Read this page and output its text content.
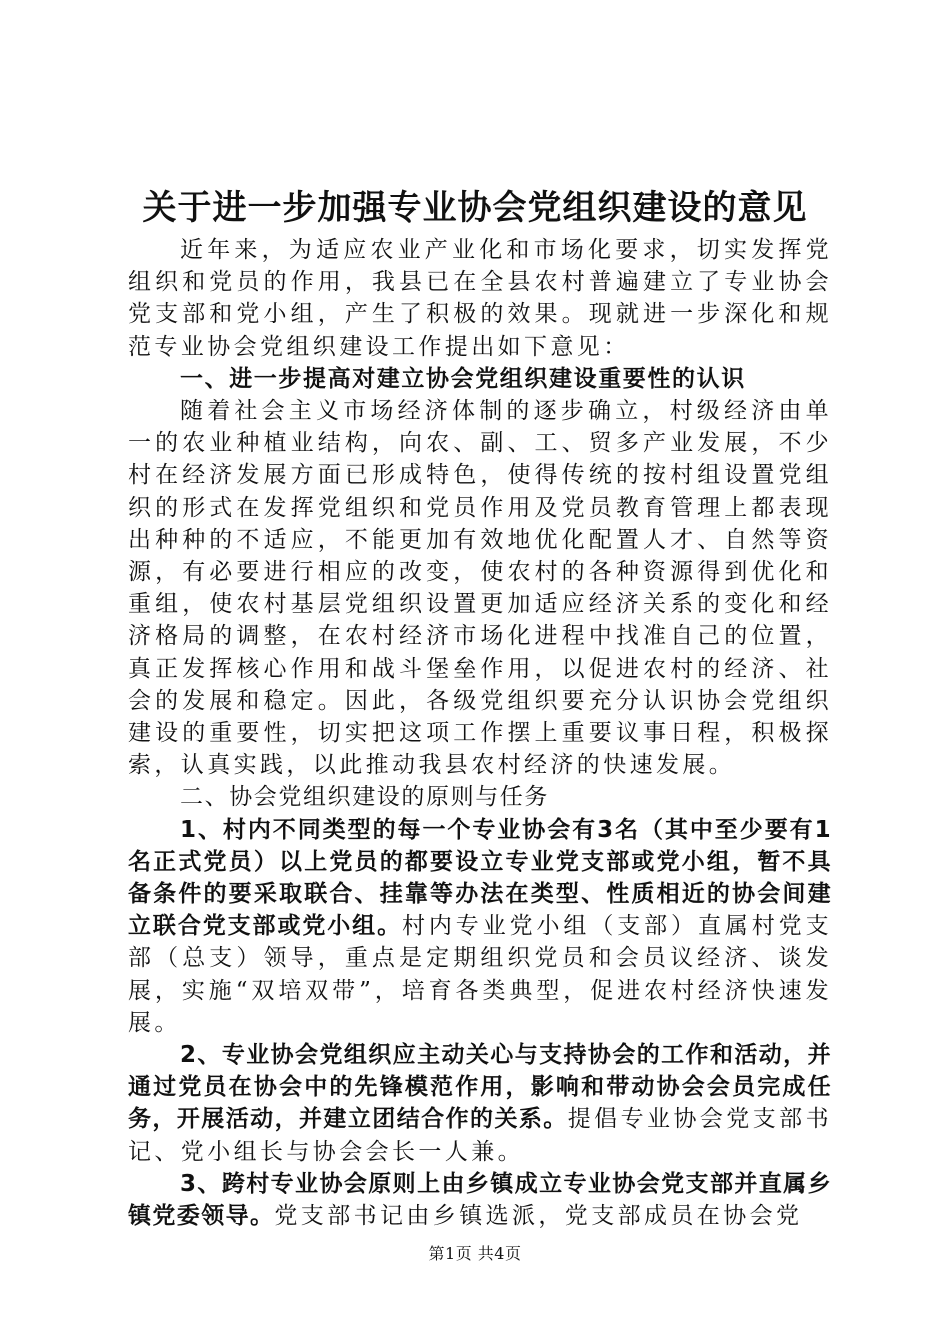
关于进一步加强专业协会党组织建设的意见

近年来，为适应农业产业化和市场化要求，切实发挥党组织和党员的作用，我县已在全县农村普遍建立了专业协会党支部和党小组，产生了积极的效果。现就进一步深化和规范专业协会党组织建设工作提出如下意见：

一、进一步提高对建立协会党组织建设重要性的认识

随着社会主义市场经济体制的逐步确立，村级经济由单一的农业种植业结构，向农、副、工、贸多产业发展，不少村在经济发展方面已形成特色，使得传统的按村组设置党组织的形式在发挥党组织和党员作用及党员教育管理上都表现出种种的不适应，不能更加有效地优化配置人才、自然等资源，有必要进行相应的改变，使农村的各种资源得到优化和重组，使农村基层党组织设置更加适应经济关系的变化和经济格局的调整，在农村经济市场化进程中找准自己的位置，真正发挥核心作用和战斗堡垒作用，以促进农村的经济、社会的发展和稳定。因此，各级党组织要充分认识协会党组织建设的重要性，切实把这项工作摆上重要议事日程，积极探索，认真实践，以此推动我县农村经济的快速发展。

二、协会党组织建设的原则与任务

1、村内不同类型的每一个专业协会有3名（其中至少要有1名正式党员）以上党员的都要设立专业党支部或党小组，暂不具备条件的要采取联合、挂靠等办法在类型、性质相近的协会间建立联合党支部或党小组。村内专业党小组（支部）直属村党支部（总支）领导，重点是定期组织党员和会员议经济、谈发展，实施“双培双带”，培育各类典型，促进农村经济快速发展。

2、专业协会党组织应主动关心与支持协会的工作和活动，并通过党员在协会中的先锋模范作用，影响和带动协会会员完成任务，开展活动，并建立团结合作的关系。提倡专业协会党支部书记、党小组长与协会会长一人兼。

3、跨村专业协会原则上由乡镇成立专业协会党支部并直属乡镇党委领导。党支部书记由乡镇选派，党支部成员在协会党

第1页 共4页
